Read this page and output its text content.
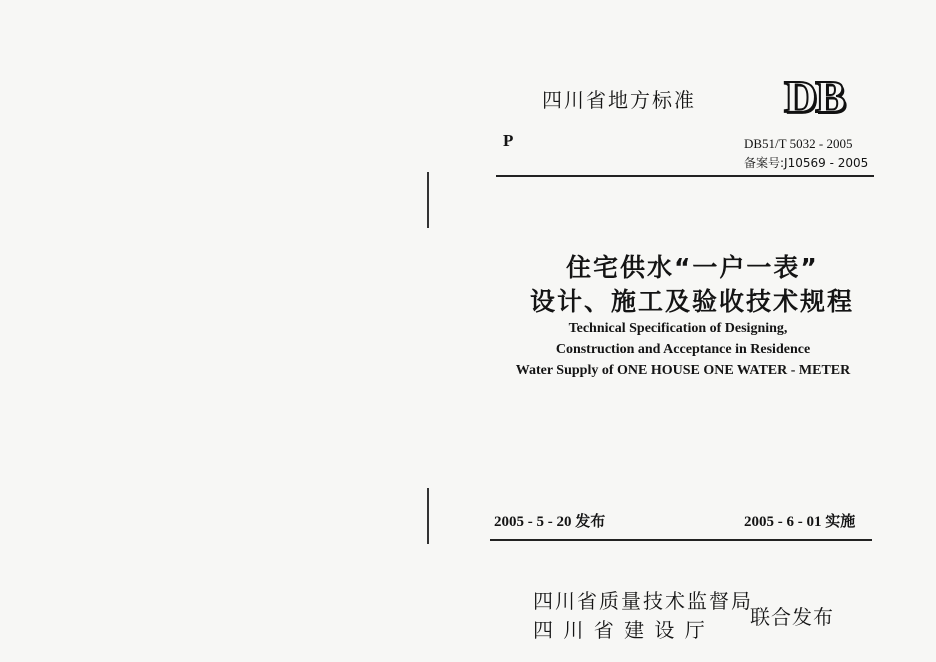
四川省地方标准 DB
P	DB51/T 5032 - 2005
备案号:J10569 - 2005
住宅供水“一户一表”
设计、施工及验收技术规程
Technical Specification of Designing,
Construction and Acceptance in Residence
Water Supply of ONE HOUSE ONE WATER - METER
2005 - 5 - 20 发布	2005 - 6 - 01 实施
四川省质量技术监督局
四 川 省 建 设 厅
联合发布
